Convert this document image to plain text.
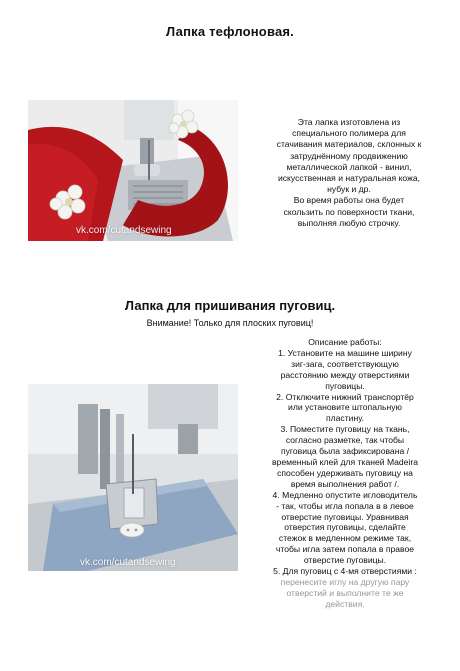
Лапка тефлоновая.
vk.com/cutandsewing
Эта лапка изготовлена из
специального полимера для
стачивания материалов, склонных к
затруднённому продвижению
металлической лапкой - винил,
искусственная и натуральная кожа,
нубук и др.
Во время работы она будет
скользить по поверхности ткани,
выполняя любую строчку.
Лапка для пришивания пуговиц.
Внимание! Только для плоских пуговиц!
vk.com/cutandsewing
Описание работы:
1. Установите на машине ширину
зиг-зага, соответствующую
расстоянию между отверстиями
пуговицы.
2. Отключите нижний транспортёр
или установите штопальную
пластину.
3. Поместите пуговицу на ткань,
согласно разметке, так чтобы
пуговица была зафиксирована /
временный клей для тканей Madeira
способен удерживать пуговицу на
время выполнения работ /.
4. Медленно опустите игловодитель
- так, чтобы игла попала в в левое
отверстие пуговицы. Уравнивая
отверстия пуговицы, сделайте
стежок в медленном режиме так,
чтобы игла затем попала в правое
отверстие пуговицы.
5. Для пуговиц с 4-мя отверстиями :
перенесите иглу на другую пару
отверстий и выполните те же
действия.
